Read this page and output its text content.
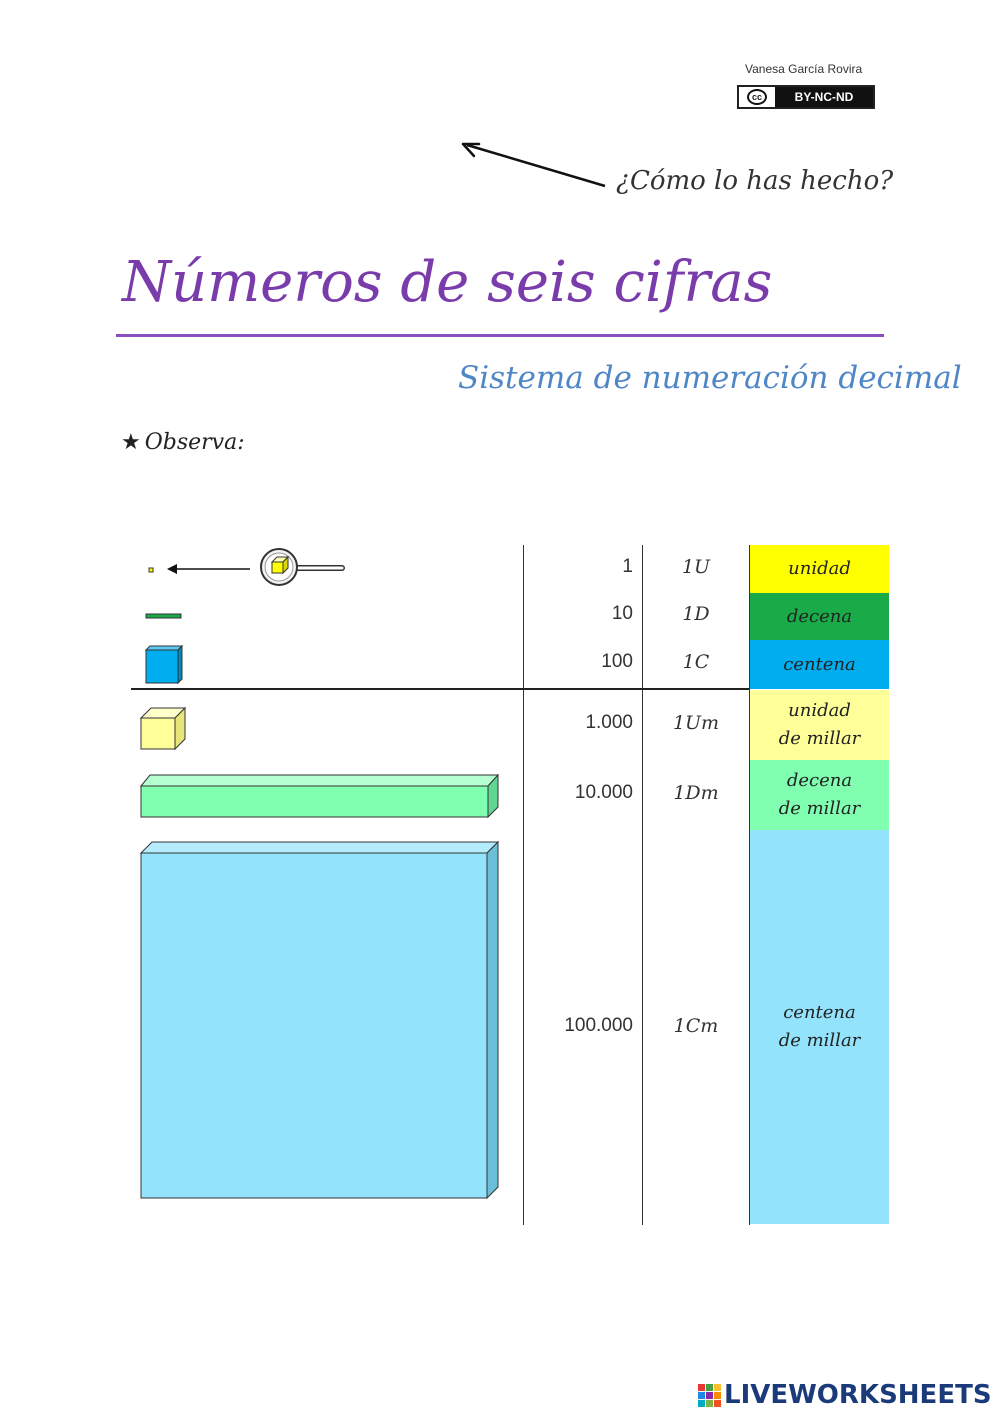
Vanesa García Rovira
cc	BY-NC-ND
¿Cómo lo has hecho?
Números de seis cifras
Sistema de numeración decimal
★ Observa:
unidad
decena
centena
unidad
de millar
decena
de millar
centena
de millar
1
10
100
1.000
10.000
100.000
1U
1D
1C
1Um
1Dm
1Cm
LIVEWORKSHEETS
